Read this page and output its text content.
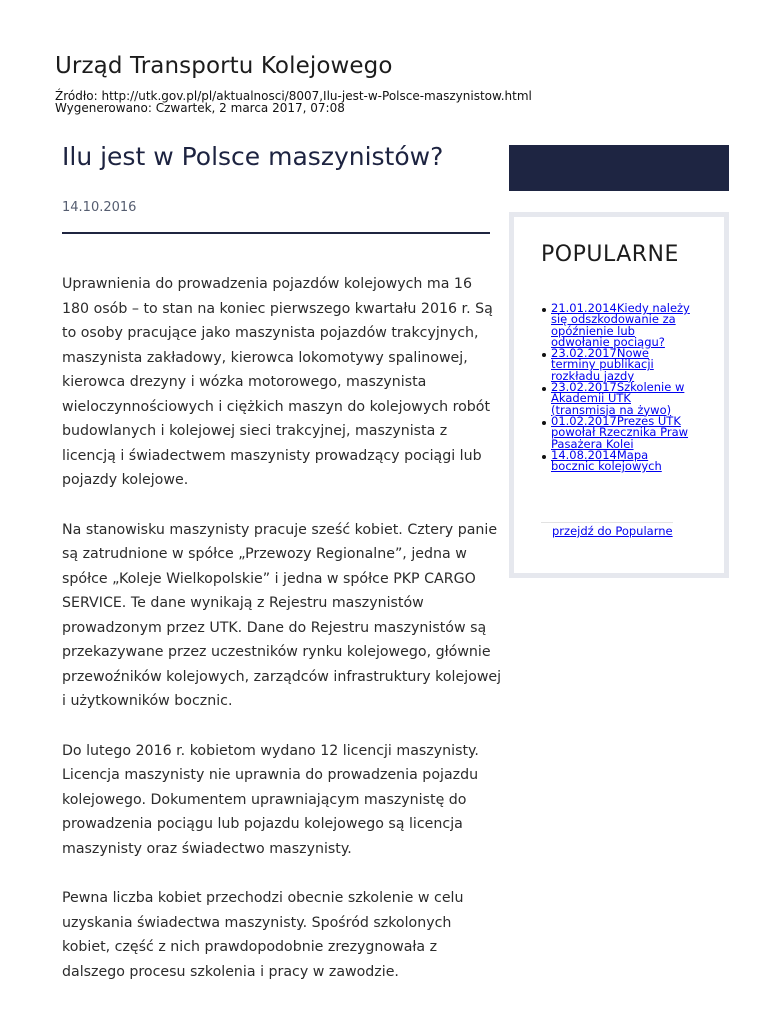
Urząd Transportu Kolejowego
Źródło: http://utk.gov.pl/pl/aktualnosci/8007,Ilu-jest-w-Polsce-maszynistow.html
Wygenerowano: Czwartek, 2 marca 2017, 07:08
Ilu jest w Polsce maszynistów?
14.10.2016

Uprawnienia do prowadzenia pojazdów kolejowych ma 16 180 osób – to stan na koniec pierwszego kwartału 2016 r. Są to osoby pracujące jako maszynista pojazdów trakcyjnych, maszynista zakładowy, kierowca lokomotywy spalinowej, kierowca drezyny i wózka motorowego, maszynista wieloczynnościowych i ciężkich maszyn do kolejowych robót budowlanych i kolejowej sieci trakcyjnej, maszynista z licencją i świadectwem maszynisty prowadzący pociągi lub pojazdy kolejowe.

Na stanowisku maszynisty pracuje sześć kobiet. Cztery panie są zatrudnione w spółce „Przewozy Regionalne”, jedna w spółce „Koleje Wielkopolskie” i jedna w spółce PKP CARGO SERVICE. Te dane wynikają z Rejestru maszynistów prowadzonym przez UTK. Dane do Rejestru maszynistów są przekazywane przez uczestników rynku kolejowego, głównie przewoźników kolejowych, zarządców infrastruktury kolejowej i użytkowników bocznic.

Do lutego 2016 r. kobietom wydano 12 licencji maszynisty. Licencja maszynisty nie uprawnia do prowadzenia pojazdu kolejowego. Dokumentem uprawniającym maszynistę do prowadzenia pociągu lub pojazdu kolejowego są licencja maszynisty oraz świadectwo maszynisty.

Pewna liczba kobiet przechodzi obecnie szkolenie w celu uzyskania świadectwa maszynisty. Spośród szkolonych kobiet, część z nich prawdopodobnie zrezygnowała z dalszego procesu szkolenia i pracy w zawodzie.

POPULARNE
21.01.2014Kiedy należy się odszkodowanie za opóźnienie lub odwołanie pociągu?
23.02.2017Nowe terminy publikacji rozkładu jazdy
23.02.2017Szkolenie w Akademii UTK (transmisja na żywo)
01.02.2017Prezes UTK powołał Rzecznika Praw Pasażera Kolei
14.08.2014Mapa bocznic kolejowych
przejdź do Popularne
